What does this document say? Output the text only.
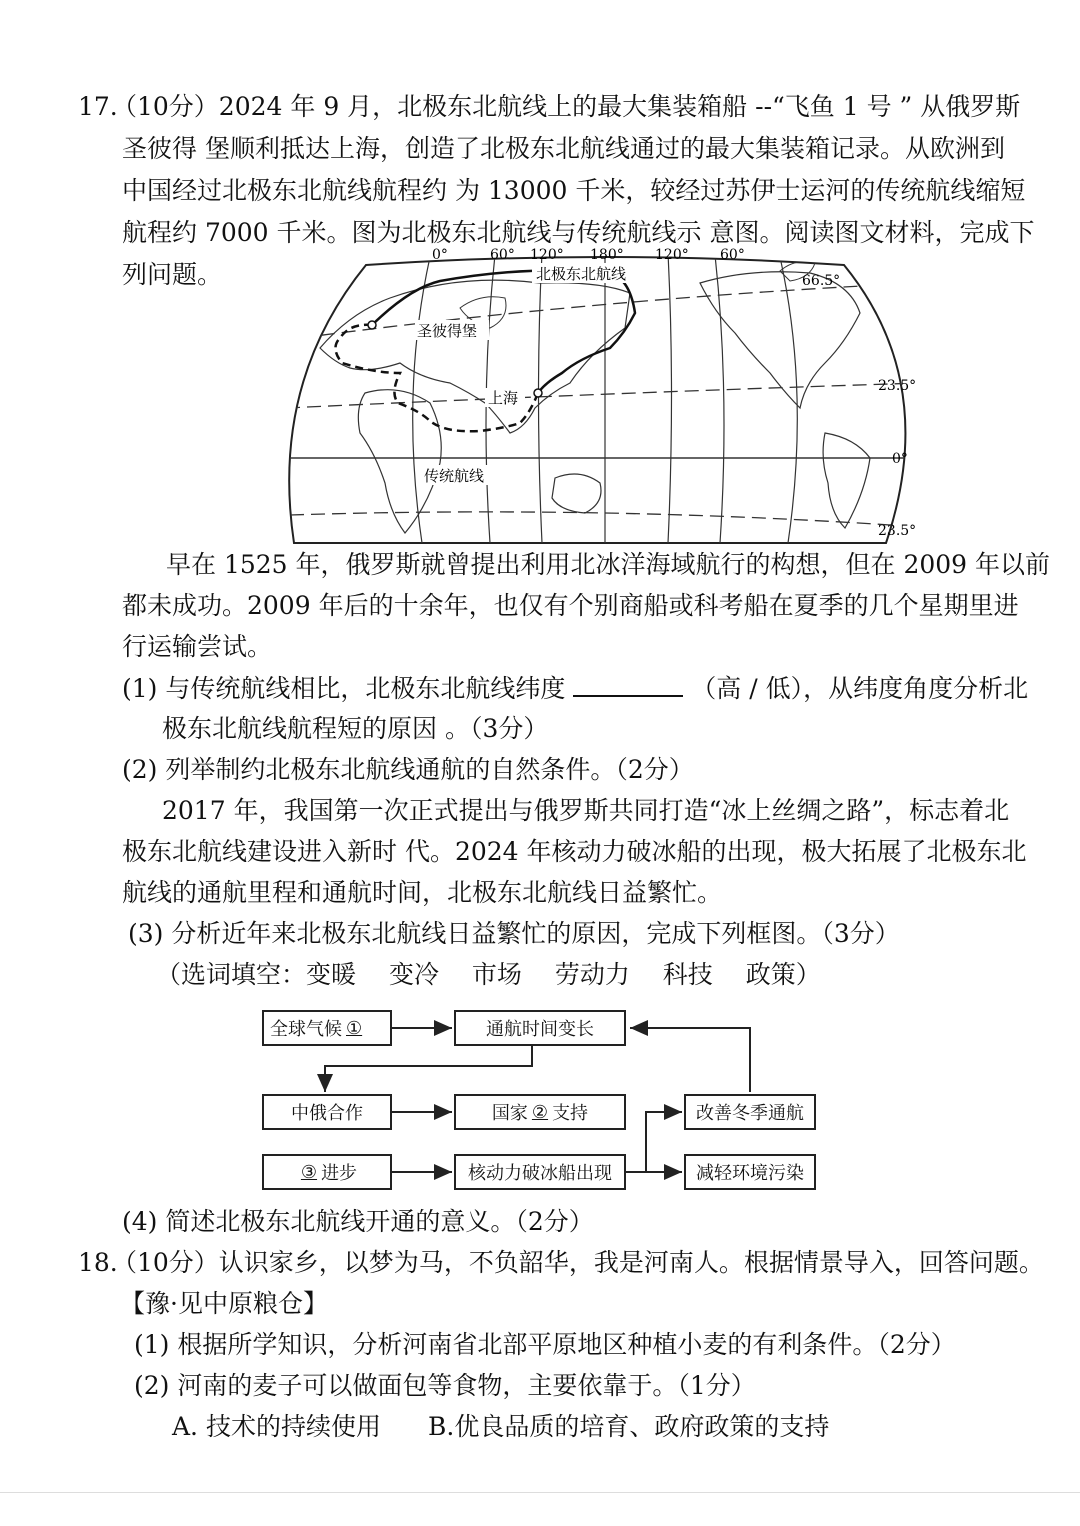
17.
（10分）2024 年 9 月，北极东北航线上的最大集装箱船 --“飞鱼 1 号 ” 从俄罗斯
圣彼得 堡顺利抵达上海，创造了北极东北航线通过的最大集装箱记录。从欧洲到
中国经过北极东北航线航程约 为 13000 千米，较经过苏伊士运河的传统航线缩短
航程约 7000 千米。图为北极东北航线与传统航线示 意图。阅读图文材料，完成下
列问题。
0°	60° 120° 180° 120° 60°
北极东北航线
圣彼得堡
上海
传统航线
66.5°
23.5°
0°
23.5°
早在 1525 年，俄罗斯就曾提出利用北冰洋海域航行的构想，但在 2009 年以前
都未成功。2009 年后的十余年，也仅有个别商船或科考船在夏季的几个星期里进
行运输尝试。
(1) 与传统航线相比，北极东北航线纬度	（高 / 低），从纬度角度分析北
极东北航线航程短的原因 。（3分）
(2) 列举制约北极东北航线通航的自然条件。（2分）
2017 年，我国第一次正式提出与俄罗斯共同打造“冰上丝绸之路”，标志着北
极东北航线建设进入新时 代。2024 年核动力破冰船的出现，极大拓展了北极东北
航线的通航里程和通航时间，北极东北航线日益繁忙。
(3) 分析近年来北极东北航线日益繁忙的原因，完成下列框图。（3分）
（选词填空：变暖　 变冷　 市场　 劳动力　 科技　 政策）
全球气候 ①	通航时间变长
中俄合作	国家 ② 支持
③ 进步	核动力破冰船出现
改善冬季通航
减轻环境污染
(4) 简述北极东北航线开通的意义。（2分）
18.
（10分）认识家乡，以梦为马，不负韶华，我是河南人。根据情景导入，回答问题。
【豫·见中原粮仓】
(1) 根据所学知识，分析河南省北部平原地区种植小麦的有利条件。（2分）
(2) 河南的麦子可以做面包等食物，主要依靠于。（1分）
A. 技术的持续使用 B.优良品质的培育、政府政策的支持
